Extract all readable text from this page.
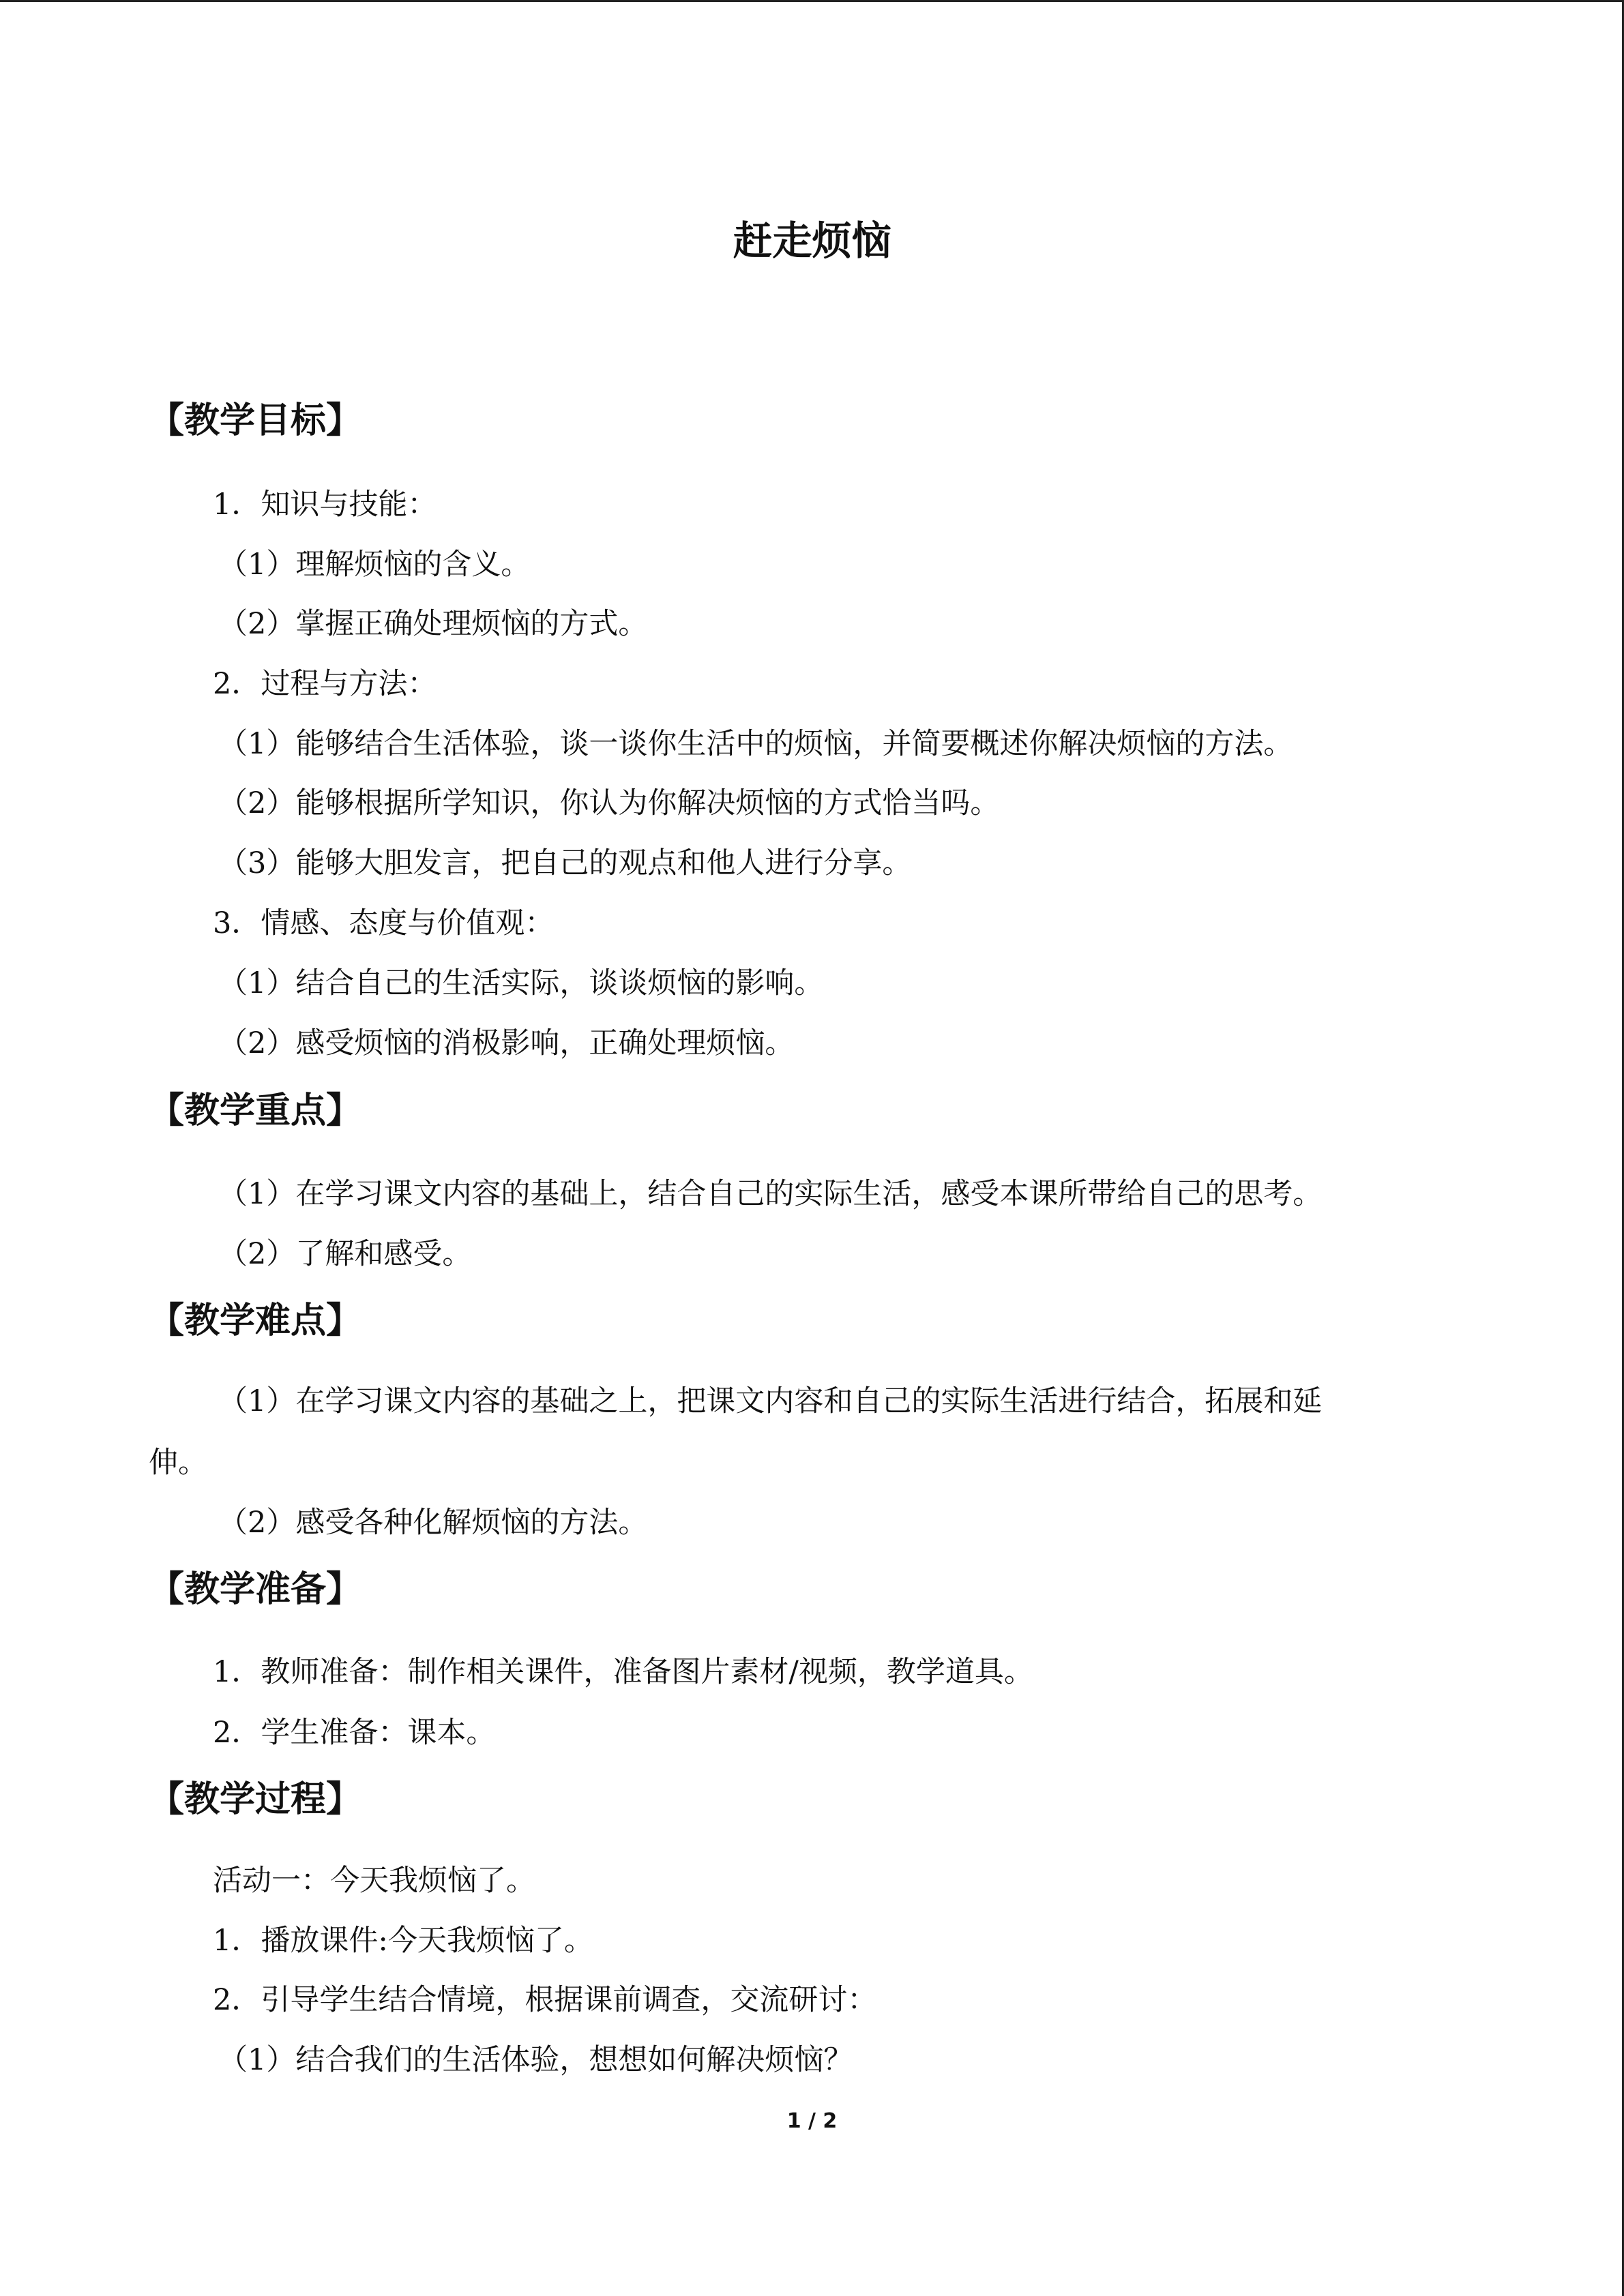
赶走烦恼
【教学目标】
1．知识与技能：
（1）理解烦恼的含义。
（2）掌握正确处理烦恼的方式。
2．过程与方法：
（1）能够结合生活体验，谈一谈你生活中的烦恼，并简要概述你解决烦恼的方法。
（2）能够根据所学知识，你认为你解决烦恼的方式恰当吗。
（3）能够大胆发言，把自己的观点和他人进行分享。
3．情感、态度与价值观：
（1）结合自己的生活实际，谈谈烦恼的影响。
（2）感受烦恼的消极影响，正确处理烦恼。
【教学重点】
（1）在学习课文内容的基础上，结合自己的实际生活，感受本课所带给自己的思考。
（2）了解和感受。
【教学难点】
（1）在学习课文内容的基础之上，把课文内容和自己的实际生活进行结合，拓展和延
伸。
（2）感受各种化解烦恼的方法。
【教学准备】
1．教师准备：制作相关课件，准备图片素材/视频，教学道具。
2．学生准备：课本。
【教学过程】
活动一：今天我烦恼了。
1．播放课件:今天我烦恼了。
2．引导学生结合情境，根据课前调查，交流研讨：
（1）结合我们的生活体验，想想如何解决烦恼？
1 / 2
